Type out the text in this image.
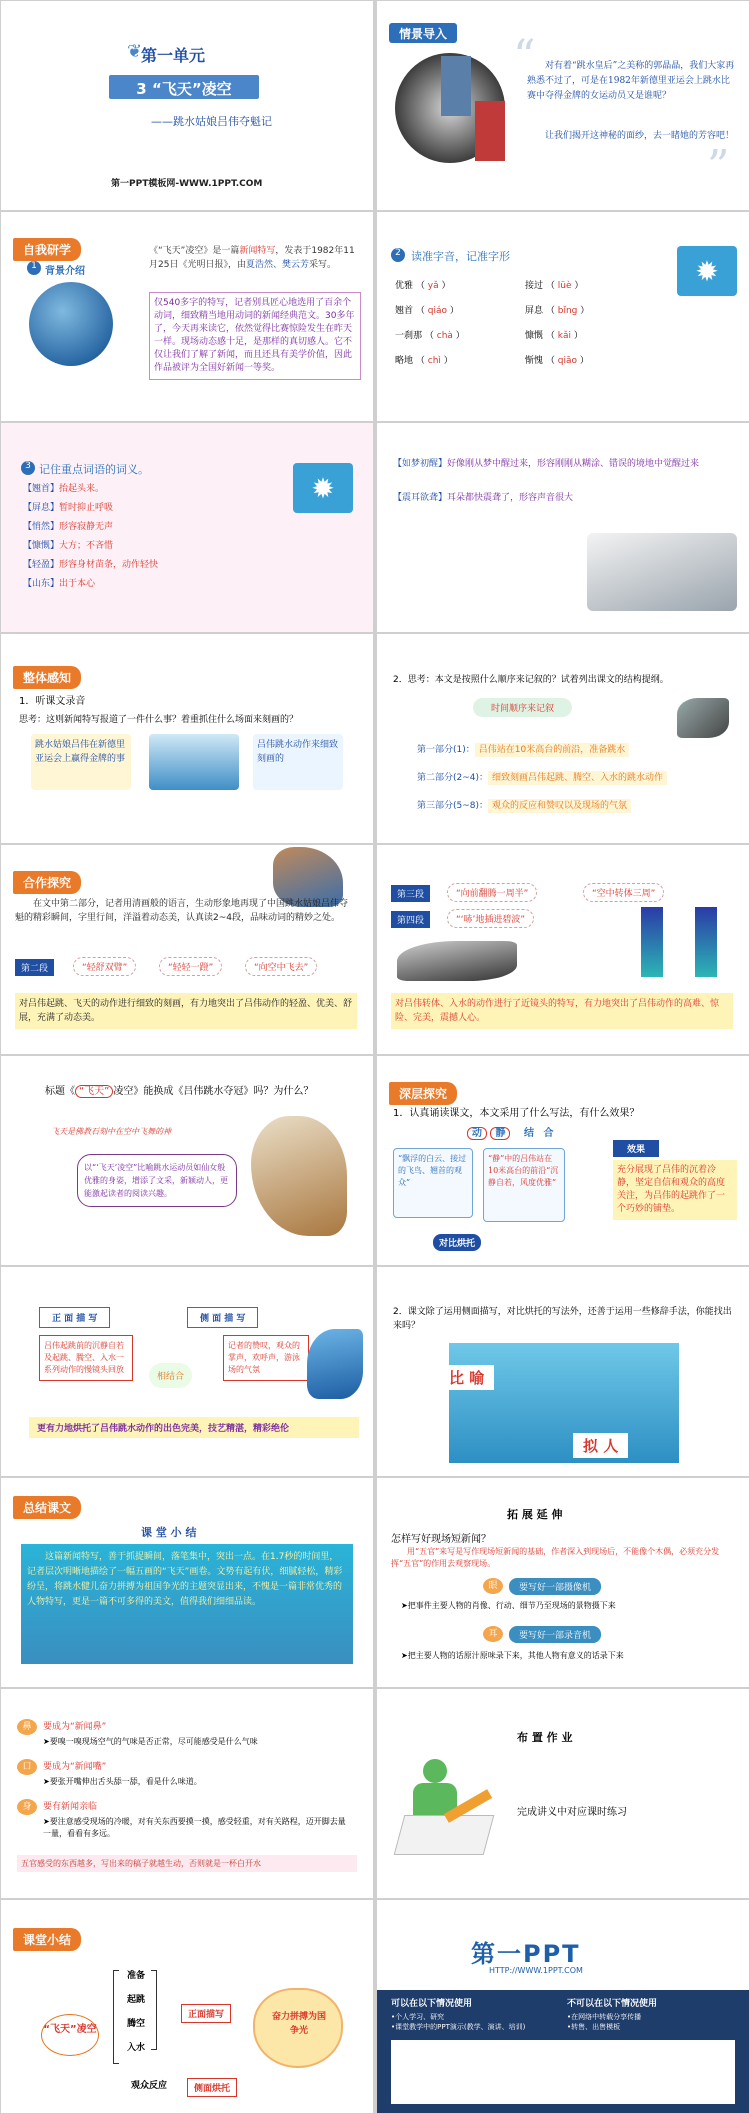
第一单元
3 “飞天”凌空
——跳水姑娘吕伟夺魁记
第一PPT模板网-WWW.1PPT.COM
❦
情景导入 “
”
对有着“跳水皇后”之美称的郭晶晶，我们大家再熟悉不过了，可是在1982年新德里亚运会上跳水比赛中夺得金牌的女运动员又是谁呢？
让我们揭开这神秘的面纱，去一睹她的芳容吧！
自我研学
1 背景介绍
《“飞天”凌空》是一篇新闻特写，发表于1982年11月25日《光明日报》，由夏浩然、樊云芳采写。
仅540多字的特写，记者别具匠心地选用了百余个动词，细致精当地用动词的新闻经典范文。30多年了，今天再来读它，依然觉得比赛惊险发生在昨天一样。现场动态感十足，是那样的真切感人。它不仅让我们了解了新闻，而且还具有美学价值，因此作品被评为全国好新闻一等奖。
2 读准字音，记准字形	✹
优雅 （ yǎ ）	接过 （ lüè ）
翘首 （ qiáo ）	屏息 （ bǐng ）
一刹那 （ chà ）	慷慨 （ kǎi ）
略地 （ chì ）	惭愧 （ qiāo ）
3 记住重点词语的词义。
✹
【翘首】抬起头来。
【屏息】暂时抑止呼吸
【悄然】形容寂静无声
【慷慨】大方；不吝惜
【轻盈】形容身材苗条，动作轻快
【山东】出于本心
【如梦初醒】好像刚从梦中醒过来，形容刚刚从糊涂、错误的境地中觉醒过来
【震耳欲聋】耳朵都快震聋了，形容声音很大
整体感知
1．听课文录音
思考：这则新闻特写报道了一件什么事？着重抓住什么场面来刻画的？
跳水姑娘吕伟在新德里亚运会上赢得金牌的事
吕伟跳水动作来细致刻画的
2．思考：本文是按照什么顺序来记叙的？试着列出课文的结构提纲。
时间顺序来记叙
第一部分(1)： 吕伟站在10米高台的前沿，准备跳水
第二部分(2~4)： 细致刻画吕伟起跳、腾空、入水的跳水动作
第三部分(5~8)： 观众的反应和赞叹以及现场的气氛
合作探究
在文中第二部分，记者用清画般的语言，生动形象地再现了中国跳水姑娘吕伟夺魁的精彩瞬间，字里行间，洋溢着动态美，认真读2~4段，品味动词的精妙之处。
第二段	“轻舒双臂”	“轻轻一蹬”	“向空中飞去”
对吕伟起跳、飞天的动作进行细致的刻画，有力地突出了吕伟动作的轻盈、优美、舒展，充满了动态美。
第三段	“向前翻腾一周半”	“空中转体三周”
第四段	“‘哧’地插进碧波”
对吕伟转体、入水的动作进行了近镜头的特写，有力地突出了吕伟动作的高难、惊险、完美，震撼人心。
标题《 “飞天” 凌空》能换成《吕伟跳水夺冠》吗？为什么？
飞天是佛教石刻中在空中飞舞的神
以“‘飞天’凌空”比喻跳水运动员如仙女般优雅的身姿，增添了文采，新颖动人，更能激起读者的阅读兴趣。
深层探究
1．认真诵读课文，本文采用了什么写法，有什么效果？
动 静 结 合
“飘浮的白云、接过的飞鸟、翘首的观众”
“静”中的吕伟站在10米高台的前沿“沉静自若，风度优雅”
对比烘托
效果
充分展现了吕伟的沉着冷静，坚定自信和观众的高度关注，为吕伟的起跳作了一个巧妙的铺垫。
正 面 描 写	侧 面 描 写
吕伟起跳前的沉静自若及起跳、腾空、入水一系列动作的慢镜头回放
相结合
记者的赞叹，观众的掌声，欢呼声，游泳场的气氛
更有力地烘托了吕伟跳水动作的出色完美，技艺精湛，精彩绝伦
2．课文除了运用侧面描写，对比烘托的写法外，还善于运用一些修辞手法，你能找出来吗？
比 喻
拟 人
总结课文
课 堂 小 结
这篇新闻特写，善于抓捉瞬间，落笔集中，突出一点。在1.7秒的时间里，记者层次明晰地描绘了一幅五画的“飞天”画卷。文势有起有伏，细腻轻松，精彩纷呈，将跳水健儿奋力拼搏为祖国争光的主题突显出来，不愧是一篇非常优秀的人物特写，更是一篇不可多得的美文，值得我们细细品读。
拓 展 延 伸
怎样写好现场短新闻？
用“五官”来写是写作现场短新闻的基础，作者深入到现场后，不能像个木偶，必须充分发挥“五官”的作用去观察现场。
眼	要写好一部摄像机
➤把事件主要人物的肖像、行动、细节乃至现场的景物摄下来
耳	要写好一部录音机
➤把主要人物的话原汁原味录下来，其他人物有意义的话录下来
鼻	要成为“新闻鼻”
➤要嗅一嗅现场空气的气味是否正常，尽可能感受是什么气味
口	要成为“新闻嘴”
➤要张开嘴伸出舌头舔一舔，看是什么味道。
身	要有新闻亲临
➤要注意感受现场的冷暖，对有关东西要摸一摸，感受轻重，对有关路程，迈开脚去量一量，看看有多远。
五官感受的东西越多，写出来的稿子就越生动，否则就是一杯白开水
布 置 作 业
完成讲义中对应课时练习
课堂小结
“飞天”凌空
准备
起跳
腾空
入水
观众反应
正面描写
侧面烘托
奋力拼搏为国争光
第一PPT
HTTP://WWW.1PPT.COM
可以在以下情况使用
•个人学习、研究
•课堂教学中的PPT演示(教学、演讲、培训)
不可以在以下情况使用
•在网络中转载分享传播
•转售、出售模板
